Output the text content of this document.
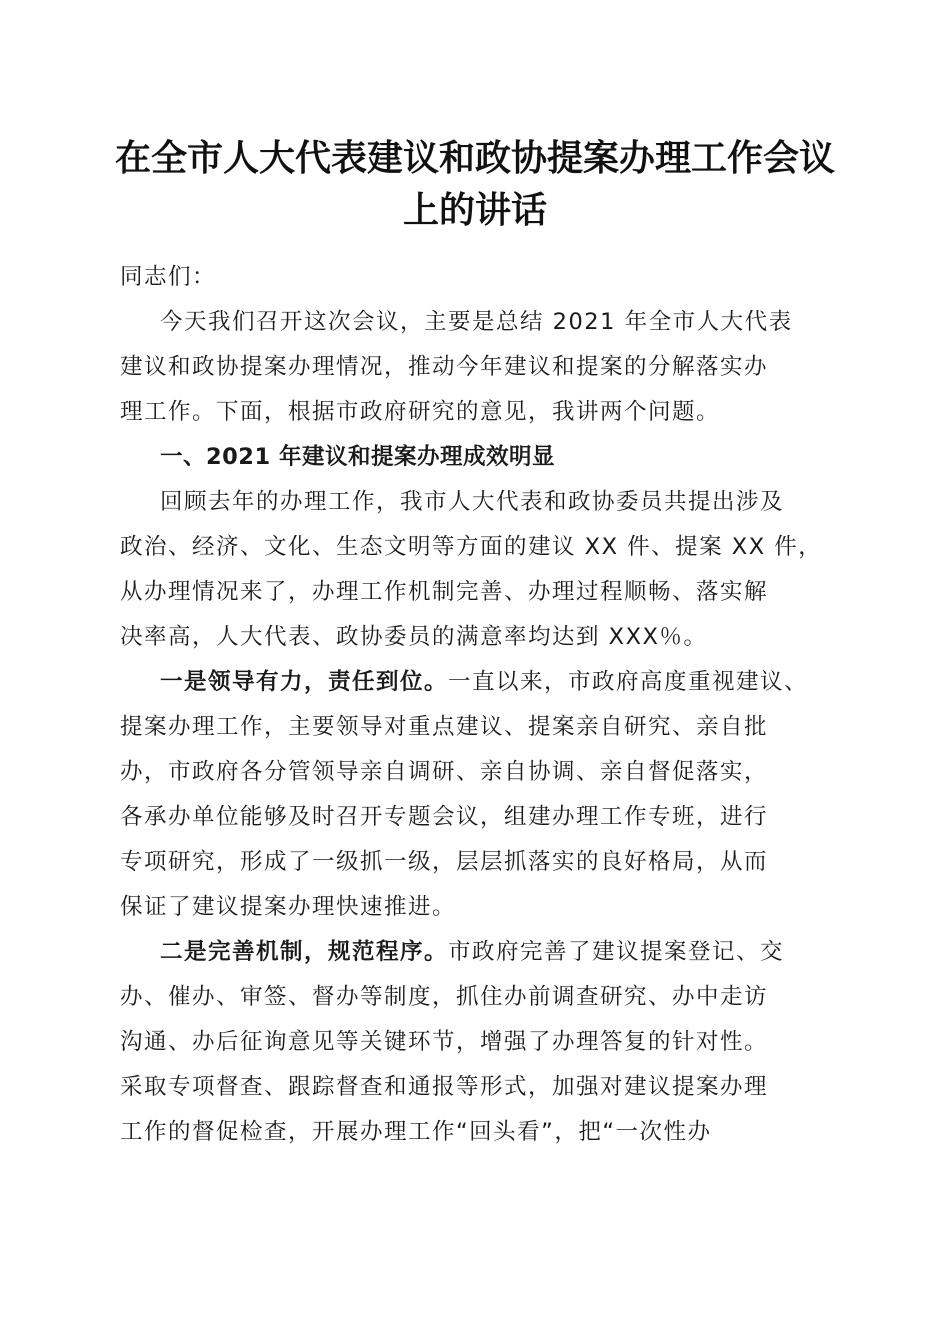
在全市人大代表建议和政协提案办理工作会议
上的讲话

同志们：

今天我们召开这次会议，主要是总结 2021 年全市人大代表

建议和政协提案办理情况，推动今年建议和提案的分解落实办

理工作。下面，根据市政府研究的意见，我讲两个问题。

一、2021 年建议和提案办理成效明显

回顾去年的办理工作，我市人大代表和政协委员共提出涉及

政治、经济、文化、生态文明等方面的建议 XX 件、提案 XX 件，

从办理情况来了，办理工作机制完善、办理过程顺畅、落实解

决率高，人大代表、政协委员的满意率均达到 XXX％。

一是领导有力，责任到位。一直以来，市政府高度重视建议、

提案办理工作，主要领导对重点建议、提案亲自研究、亲自批

办，市政府各分管领导亲自调研、亲自协调、亲自督促落实，

各承办单位能够及时召开专题会议，组建办理工作专班，进行

专项研究，形成了一级抓一级，层层抓落实的良好格局，从而

保证了建议提案办理快速推进。

二是完善机制，规范程序。市政府完善了建议提案登记、交

办、催办、审签、督办等制度，抓住办前调查研究、办中走访

沟通、办后征询意见等关键环节，增强了办理答复的针对性。

采取专项督查、跟踪督查和通报等形式，加强对建议提案办理

工作的督促检查，开展办理工作“回头看”，把“一次性办
